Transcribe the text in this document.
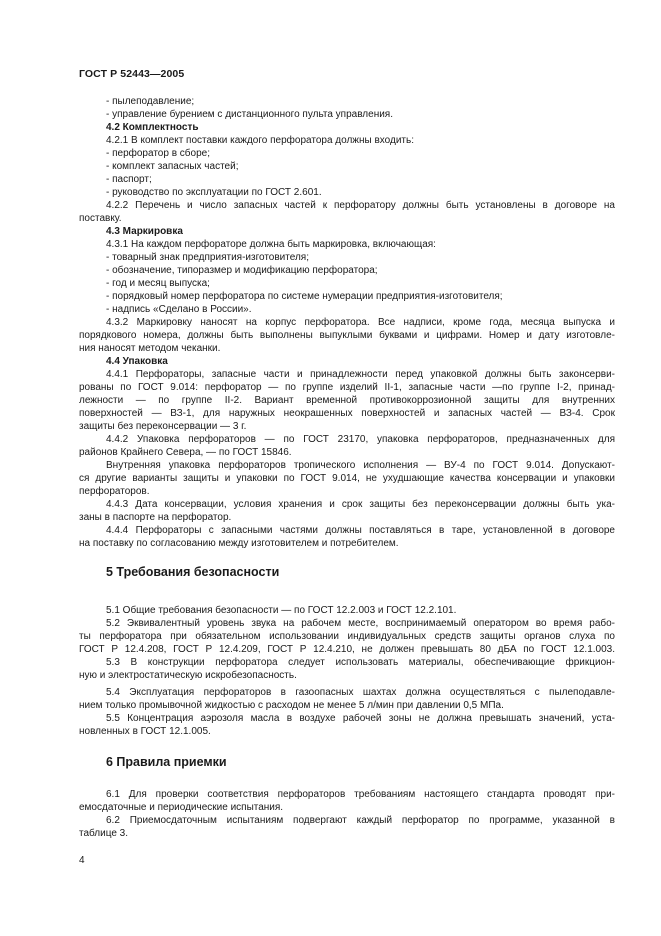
ГОСТ Р 52443—2005
- пылеподавление;
- управление бурением с дистанционного пульта управления.
4.2 Комплектность
4.2.1 В комплект поставки каждого перфоратора должны входить:
- перфоратор в сборе;
- комплект запасных частей;
- паспорт;
- руководство по эксплуатации по ГОСТ 2.601.
4.2.2 Перечень и число запасных частей к перфоратору должны быть установлены в договоре на
поставку.
4.3 Маркировка
4.3.1 На каждом перфораторе должна быть маркировка, включающая:
- товарный знак предприятия-изготовителя;
- обозначение, типоразмер и модификацию перфоратора;
- год и месяц выпуска;
- порядковый номер перфоратора по системе нумерации предприятия-изготовителя;
- надпись «Сделано в России».
4.3.2 Маркировку наносят на корпус перфоратора. Все надписи, кроме года, месяца выпуска и
порядкового номера, должны быть выполнены выпуклыми буквами и цифрами. Номер и дату изготовле-
ния наносят методом чеканки.
4.4 Упаковка
4.4.1 Перфораторы, запасные части и принадлежности перед упаковкой должны быть законсерви-
рованы по ГОСТ 9.014: перфоратор — по группе изделий II-1, запасные части —по группе I-2, принад-
лежности — по группе II-2. Вариант временной противокоррозионной защиты для внутренних
поверхностей — ВЗ-1, для наружных неокрашенных поверхностей и запасных частей — ВЗ-4. Срок
защиты без переконсервации — 3 г.
4.4.2 Упаковка перфораторов — по ГОСТ 23170, упаковка перфораторов, предназначенных для
районов Крайнего Севера, — по ГОСТ 15846.
Внутренняя упаковка перфораторов тропического исполнения — ВУ-4 по ГОСТ 9.014. Допускают-
ся другие варианты защиты и упаковки по ГОСТ 9.014, не ухудшающие качества консервации и упаковки
перфораторов.
4.4.3 Дата консервации, условия хранения и срок защиты без переконсервации должны быть ука-
заны в паспорте на перфоратор.
4.4.4 Перфораторы с запасными частями должны поставляться в таре, установленной в договоре
на поставку по согласованию между изготовителем и потребителем.
5.1 Общие требования безопасности — по ГОСТ 12.2.003 и ГОСТ 12.2.101.
5.2 Эквивалентный уровень звука на рабочем месте, воспринимаемый оператором во время рабо-
ты перфоратора при обязательном использовании индивидуальных средств защиты органов слуха по
ГОСТ Р 12.4.208, ГОСТ Р 12.4.209, ГОСТ Р 12.4.210, не должен превышать 80 дБА по ГОСТ 12.1.003.
5.3 В конструкции перфоратора следует использовать материалы, обеспечивающие фрикцион-
ную и электростатическую искробезопасность.
5.4 Эксплуатация перфораторов в газоопасных шахтах должна осуществляться с пылеподавле-
нием только промывочной жидкостью с расходом не менее 5 л/мин при давлении 0,5 МПа.
5.5 Концентрация аэрозоля масла в воздухе рабочей зоны не должна превышать значений, уста-
новленных в ГОСТ 12.1.005.
6.1 Для проверки соответствия перфораторов требованиям настоящего стандарта проводят при-
емосдаточные и периодические испытания.
6.2 Приемосдаточным испытаниям подвергают каждый перфоратор по программе, указанной в
таблице 3.
5 Требования безопасности
6 Правила приемки
4
